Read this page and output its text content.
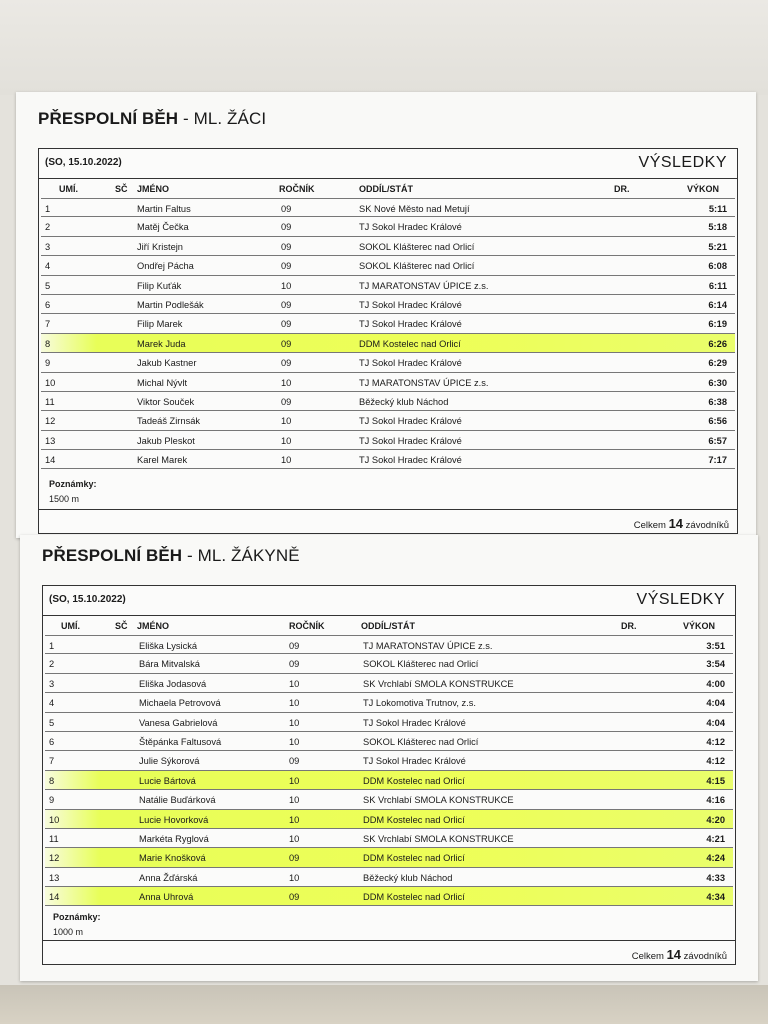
PŘESPOLNÍ BĚH - ML. ŽÁCI
(SO, 15.10.2022)	VÝSLEDKY
UMÍ.	SČ JMÉNO	ROČNÍK	ODDÍL/STÁT	DR.	VÝKON
1	Martin Faltus	09	SK Nové Město nad Metují	5:11
2	Matěj Čečka	09	TJ Sokol Hradec Králové	5:18
3	Jiří Kristejn	09	SOKOL Klášterec nad Orlicí	5:21
4	Ondřej Pácha	09	SOKOL Klášterec nad Orlicí	6:08
5	Filip Kuťák	10	TJ MARATONSTAV ÚPICE z.s.	6:11
6	Martin Podlešák	09	TJ Sokol Hradec Králové	6:14
7	Filip Marek	09	TJ Sokol Hradec Králové	6:19
8	Marek Juda	09	DDM Kostelec nad Orlicí	6:26
9	Jakub Kastner	09	TJ Sokol Hradec Králové	6:29
10	Michal Nývlt	10	TJ MARATONSTAV ÚPICE z.s.	6:30
11	Viktor Souček	09	Běžecký klub Náchod	6:38
12	Tadeáš Zirnsák	10	TJ Sokol Hradec Králové	6:56
13	Jakub Pleskot	10	TJ Sokol Hradec Králové	6:57
14	Karel Marek	10	TJ Sokol Hradec Králové	7:17
Poznámky:
1500 m
Celkem 14 závodníků
PŘESPOLNÍ BĚH - ML. ŽÁKYNĚ
(SO, 15.10.2022)	VÝSLEDKY
UMÍ.	SČ JMÉNO	ROČNÍK	ODDÍL/STÁT	DR.	VÝKON
1	Eliška Lysická	09	TJ MARATONSTAV ÚPICE z.s.	3:51
2	Bára Mitvalská	09	SOKOL Klášterec nad Orlicí	3:54
3	Eliška Jodasová	10	SK Vrchlabí SMOLA KONSTRUKCE	4:00
4	Michaela Petrovová	10	TJ Lokomotiva Trutnov, z.s.	4:04
5	Vanesa Gabrielová	10	TJ Sokol Hradec Králové	4:04
6	Štěpánka Faltusová	10	SOKOL Klášterec nad Orlicí	4:12
7	Julie Sýkorová	09	TJ Sokol Hradec Králové	4:12
8	Lucie Bártová	10	DDM Kostelec nad Orlicí	4:15
9	Natálie Buďárková	10	SK Vrchlabí SMOLA KONSTRUKCE	4:16
10	Lucie Hovorková	10	DDM Kostelec nad Orlicí	4:20
11	Markéta Ryglová	10	SK Vrchlabí SMOLA KONSTRUKCE	4:21
12	Marie Knošková	09	DDM Kostelec nad Orlicí	4:24
13	Anna Žďárská	10	Běžecký klub Náchod	4:33
14	Anna Uhrová	09	DDM Kostelec nad Orlicí	4:34
Poznámky:
1000 m
Celkem 14 závodníků
